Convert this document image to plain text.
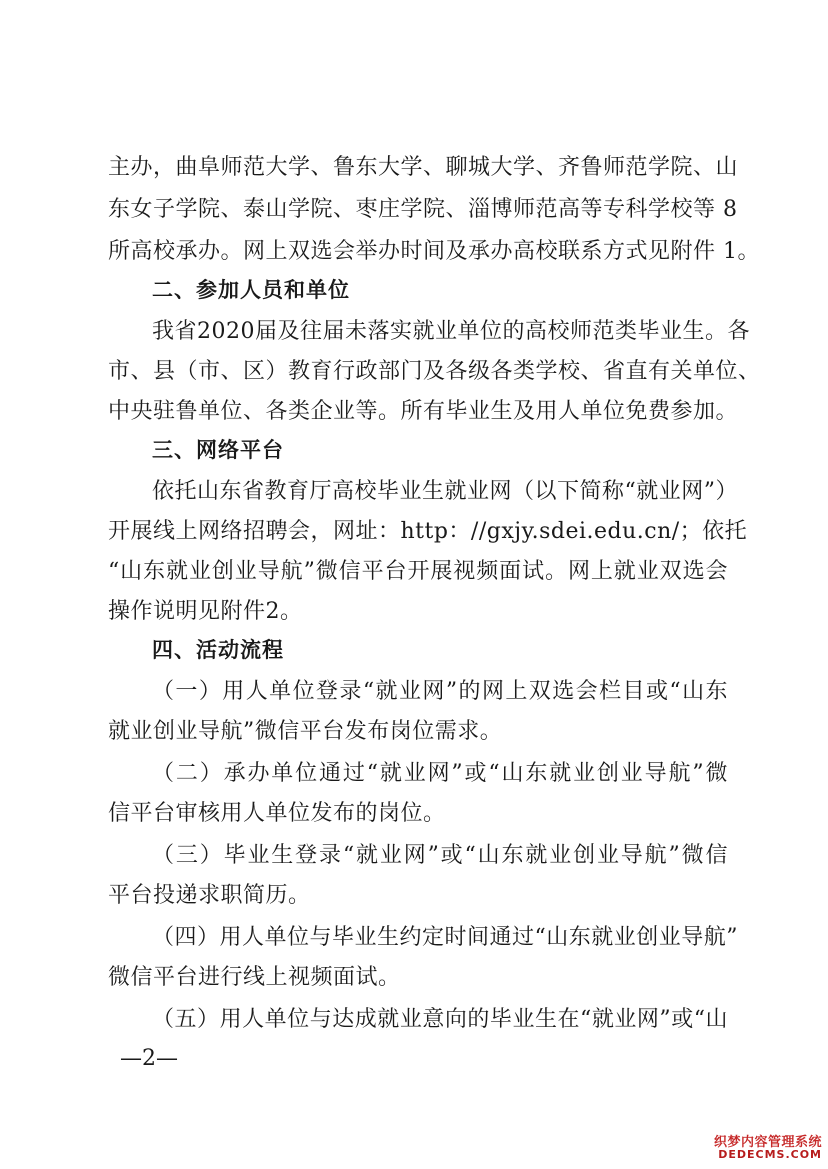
主办，曲阜师范大学、鲁东大学、聊城大学、齐鲁师范学院、山
东女子学院、泰山学院、枣庄学院、淄博师范高等专科学校等 8
所高校承办。网上双选会举办时间及承办高校联系方式见附件 1。
二、参加人员和单位
我省2020届及往届未落实就业单位的高校师范类毕业生。各
市、县（市、区）教育行政部门及各级各类学校、省直有关单位、
中央驻鲁单位、各类企业等。所有毕业生及用人单位免费参加。
三、网络平台
依托山东省教育厅高校毕业生就业网（以下简称“就业网”）
开展线上网络招聘会，网址：http：//gxjy.sdei.edu.cn/；依托
“山东就业创业导航”微信平台开展视频面试。网上就业双选会
操作说明见附件2。
四、活动流程
（一）用人单位登录“就业网”的网上双选会栏目或“山东
就业创业导航”微信平台发布岗位需求。
（二）承办单位通过“就业网”或“山东就业创业导航”微
信平台审核用人单位发布的岗位。
（三）毕业生登录“就业网”或“山东就业创业导航”微信
平台投递求职简历。
（四）用人单位与毕业生约定时间通过“山东就业创业导航”
微信平台进行线上视频面试。
（五）用人单位与达成就业意向的毕业生在“就业网”或“山
—2—
织梦内容管理系统
DEDECMS.COM
